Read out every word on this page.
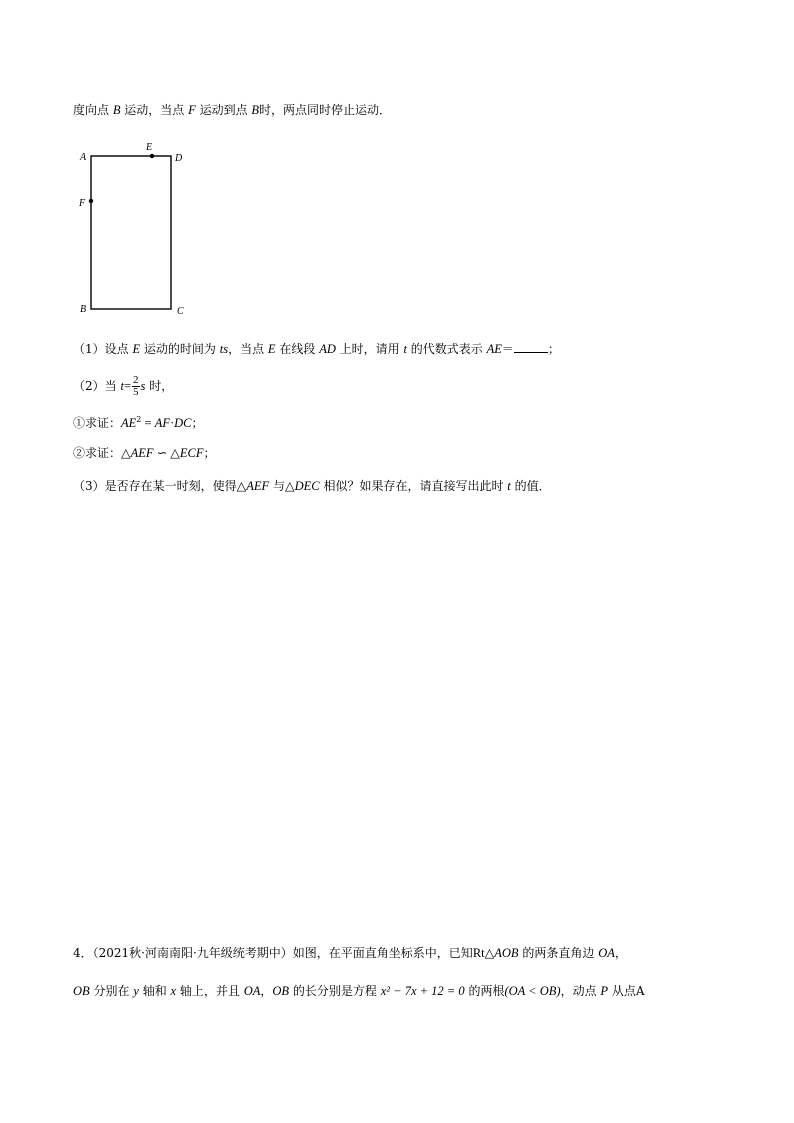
度向点 B 运动，当点 F 运动到点 B时，两点同时停止运动．
A
E
D
F
B	C
（1）设点 E 运动的时间为 ts，当点 E 在线段 AD 上时，请用 t 的代数式表示 AE＝	；
（2）当 $t= \frac{2}{5}$ s 时，
①求证：$AE^2 = AF\cdot DC$；
②求证：△AEF ∽ △ECF；
（3）是否存在某一时刻，使得△AEF 与△DEC 相似？如果存在，请直接写出此时 t 的值．
4．（2021秋·河南南阳·九年级统考期中）如图，在平面直角坐标系中，已知Rt△AOB 的两条直角边 OA，
OB 分别在 y 轴和 x 轴上，并且 OA，OB 的长分别是方程 x² − 7x + 12 = 0 的两根(OA < OB)，动点 P 从点A
